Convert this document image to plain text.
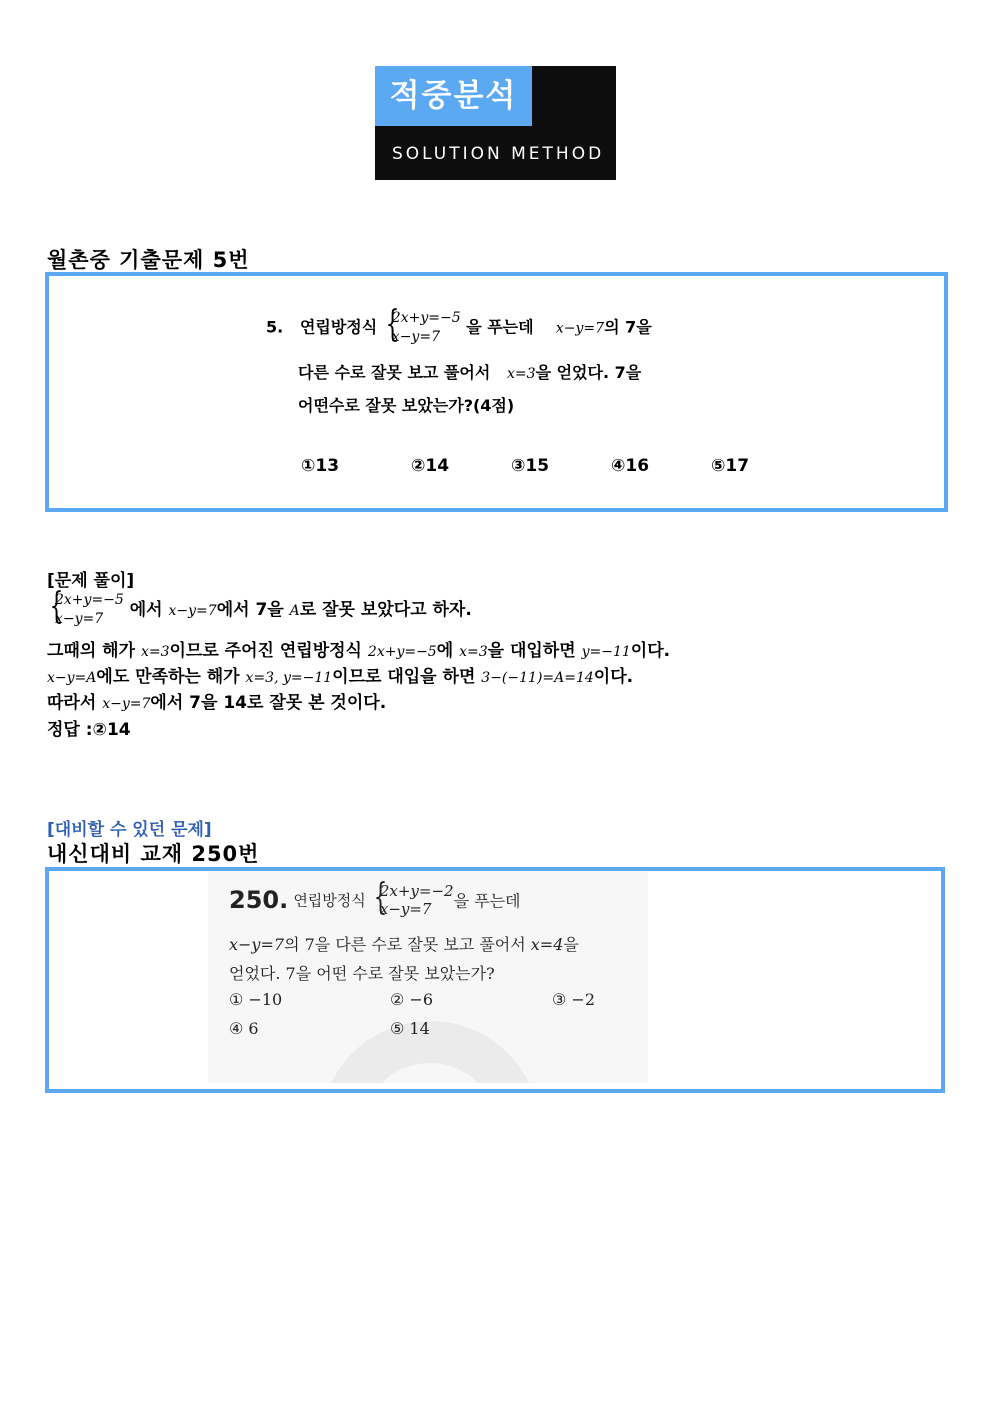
적중분석
SOLUTION METHOD
월촌중 기출문제 5번
5. 연립방정식
{ 2x+y=−5
x−y=7
을 푸는데 x−y=7의 7을
다른 수로 잘못 보고 풀어서 x=3을 얻었다. 7을
어떤수로 잘못 보았는가?(4점)
①13	②14	③15	④16	⑤17
[문제 풀이]
{ 2x+y=−5
x−y=7	에서 x−y=7에서 7을 A로 잘못 보았다고 하자.
그때의 해가 x=3이므로 주어진 연립방정식 2x+y=−5에 x=3을 대입하면 y=−11이다.
x−y=A에도 만족하는 해가 x=3, y=−11이므로 대입을 하면 3−(−11)=A=14이다.
따라서 x−y=7에서 7을 14로 잘못 본 것이다.
정답 :②14
[대비할 수 있던 문제]
내신대비 교재 250번
250. 연립방정식
{ 2x+y=−2
x−y=7	을 푸는데
x−y=7의 7을 다른 수로 잘못 보고 풀어서 x=4을
얻었다. 7을 어떤 수로 잘못 보았는가?
① −10	② −6	③ −2
④ 6	⑤ 14
